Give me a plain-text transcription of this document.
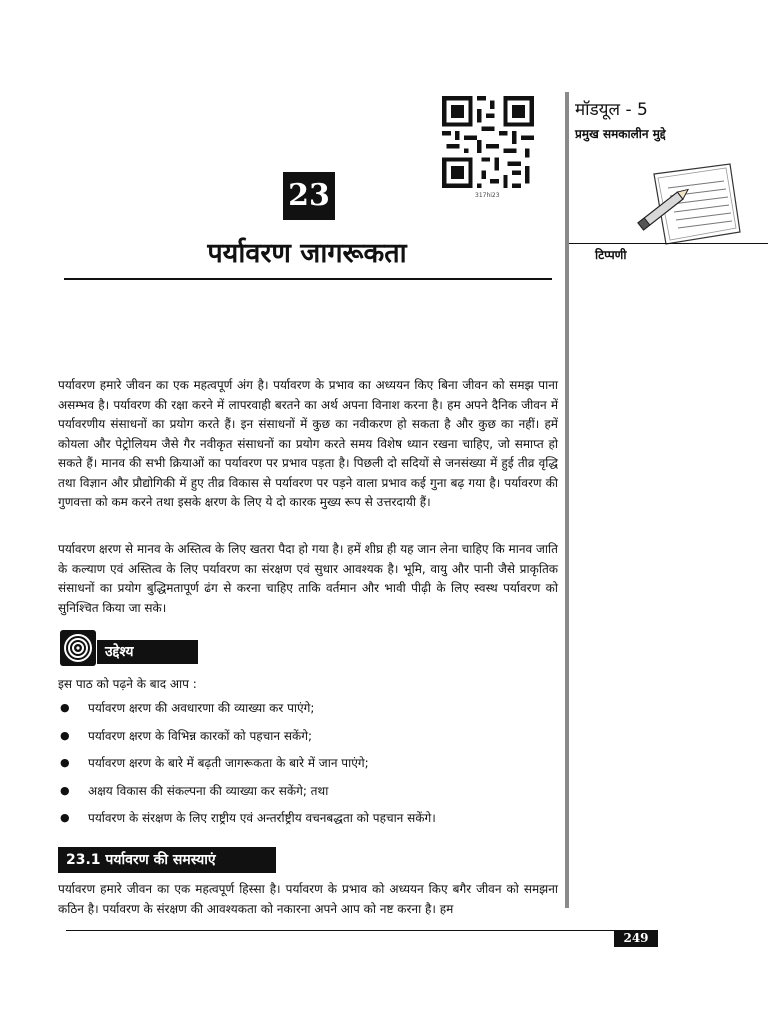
317hi23
23
पर्यावरण जागरूकता
मॉडयूल - 5
प्रमुख समकालीन मुद्दे
टिप्पणी
पर्यावरण हमारे जीवन का एक महत्वपूर्ण अंग है। पर्यावरण के प्रभाव का अध्ययन किए बिना जीवन को समझ पाना असम्भव है। पर्यावरण की रक्षा करने में लापरवाही बरतने का अर्थ अपना विनाश करना है। हम अपने दैनिक जीवन में पर्यावरणीय संसाधनों का प्रयोग करते हैं। इन संसाधनों में कुछ का नवीकरण हो सकता है और कुछ का नहीं। हमें कोयला और पेट्रोलियम जैसे गैर नवीकृत संसाधनों का प्रयोग करते समय विशेष ध्यान रखना चाहिए, जो समाप्त हो सकते हैं। मानव की सभी क्रियाओं का पर्यावरण पर प्रभाव पड़ता है। पिछली दो सदियों से जनसंख्या में हुई तीव्र वृद्धि तथा विज्ञान और प्रौद्योगिकी में हुए तीव्र विकास से पर्यावरण पर पड़ने वाला प्रभाव कई गुना बढ़ गया है। पर्यावरण की गुणवत्ता को कम करने तथा इसके क्षरण के लिए ये दो कारक मुख्य रूप से उत्तरदायी हैं।
पर्यावरण क्षरण से मानव के अस्तित्व के लिए खतरा पैदा हो गया है। हमें शीघ्र ही यह जान लेना चाहिए कि मानव जाति के कल्याण एवं अस्तित्व के लिए पर्यावरण का संरक्षण एवं सुधार आवश्यक है। भूमि, वायु और पानी जैसे प्राकृतिक संसाधनों का प्रयोग बुद्धिमतापूर्ण ढंग से करना चाहिए ताकि वर्तमान और भावी पीढ़ी के लिए स्वस्थ पर्यावरण को सुनिश्चित किया जा सके।
उद्देश्य
इस पाठ को पढ़ने के बाद आप :
● पर्यावरण क्षरण की अवधारणा की व्याख्या कर पाएंगे;
● पर्यावरण क्षरण के विभिन्न कारकों को पहचान सकेंगे;
● पर्यावरण क्षरण के बारे में बढ़ती जागरूकता के बारे में जान पाएंगे;
● अक्षय विकास की संकल्पना की व्याख्या कर सकेंगे; तथा
● पर्यावरण के संरक्षण के लिए राष्ट्रीय एवं अन्तर्राष्ट्रीय वचनबद्धता को पहचान सकेंगे।
23.1 पर्यावरण की समस्याएं
पर्यावरण हमारे जीवन का एक महत्वपूर्ण हिस्सा है। पर्यावरण के प्रभाव को अध्ययन किए बगैर जीवन को समझना कठिन है। पर्यावरण के संरक्षण की आवश्यकता को नकारना अपने आप को नष्ट करना है। हम
249
